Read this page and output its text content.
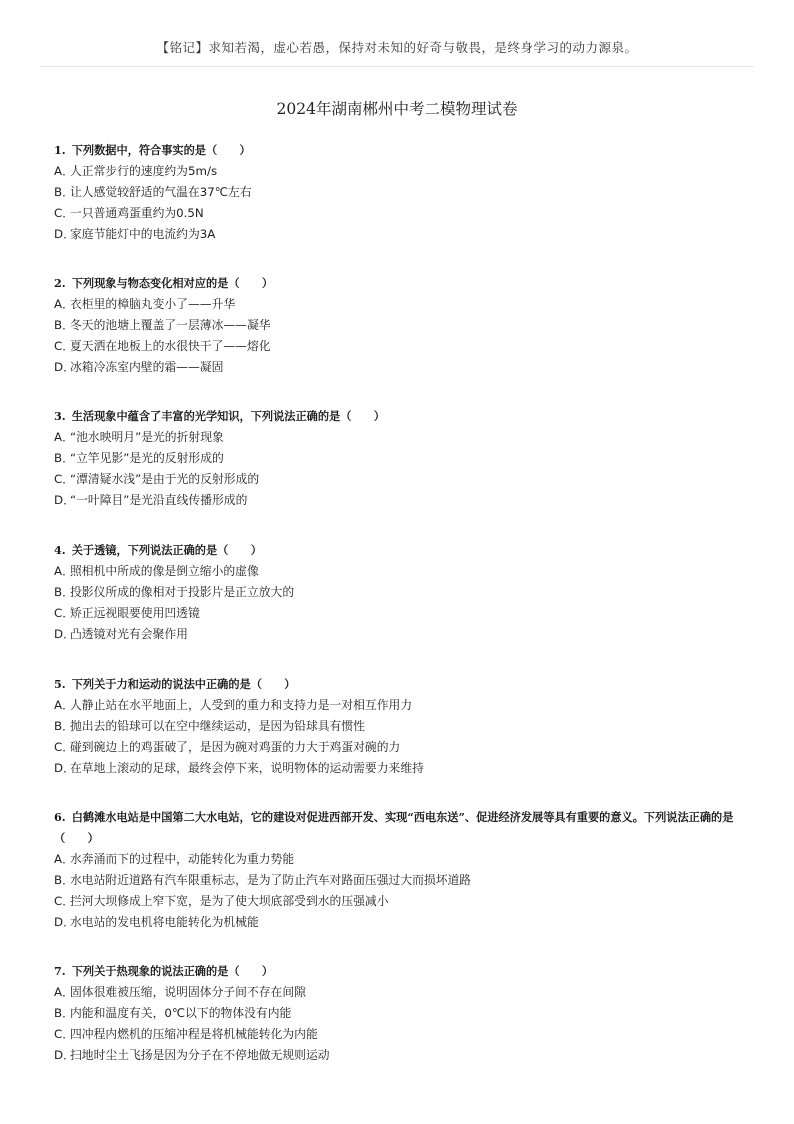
【铭记】求知若渴，虚心若愚，保持对未知的好奇与敬畏，是终身学习的动力源泉。
2024年湖南郴州中考二模物理试卷
1. 下列数据中，符合事实的是（　　）
A．人正常步行的速度约为5m/s
B．让人感觉较舒适的气温在37℃左右
C．一只普通鸡蛋重约为0.5N
D．家庭节能灯中的电流约为3A
2. 下列现象与物态变化相对应的是（　　）
A．衣柜里的樟脑丸变小了——升华
B．冬天的池塘上覆盖了一层薄冰——凝华
C．夏天洒在地板上的水很快干了——熔化
D．冰箱冷冻室内壁的霜——凝固
3. 生活现象中蕴含了丰富的光学知识，下列说法正确的是（　　）
A．“池水映明月”是光的折射现象
B．“立竿见影”是光的反射形成的
C．“潭清疑水浅”是由于光的反射形成的
D．“一叶障目”是光沿直线传播形成的
4. 关于透镜，下列说法正确的是（　　）
A．照相机中所成的像是倒立缩小的虚像
B．投影仪所成的像相对于投影片是正立放大的
C．矫正远视眼要使用凹透镜
D．凸透镜对光有会聚作用
5. 下列关于力和运动的说法中正确的是（　　）
A．人静止站在水平地面上，人受到的重力和支持力是一对相互作用力
B．抛出去的铅球可以在空中继续运动，是因为铅球具有惯性
C．碰到碗边上的鸡蛋破了，是因为碗对鸡蛋的力大于鸡蛋对碗的力
D．在草地上滚动的足球，最终会停下来，说明物体的运动需要力来维持
6. 白鹤滩水电站是中国第二大水电站，它的建设对促进西部开发、实现“西电东送”、促进经济发展等具有重要的意义。下列说法正确的是（　　）
A．水奔涌而下的过程中，动能转化为重力势能
B．水电站附近道路有汽车限重标志，是为了防止汽车对路面压强过大而损坏道路
C．拦河大坝修成上窄下宽，是为了使大坝底部受到水的压强减小
D．水电站的发电机将电能转化为机械能
7. 下列关于热现象的说法正确的是（　　）
A．固体很难被压缩，说明固体分子间不存在间隙
B．内能和温度有关，0℃以下的物体没有内能
C．四冲程内燃机的压缩冲程是将机械能转化为内能
D．扫地时尘土飞扬是因为分子在不停地做无规则运动
